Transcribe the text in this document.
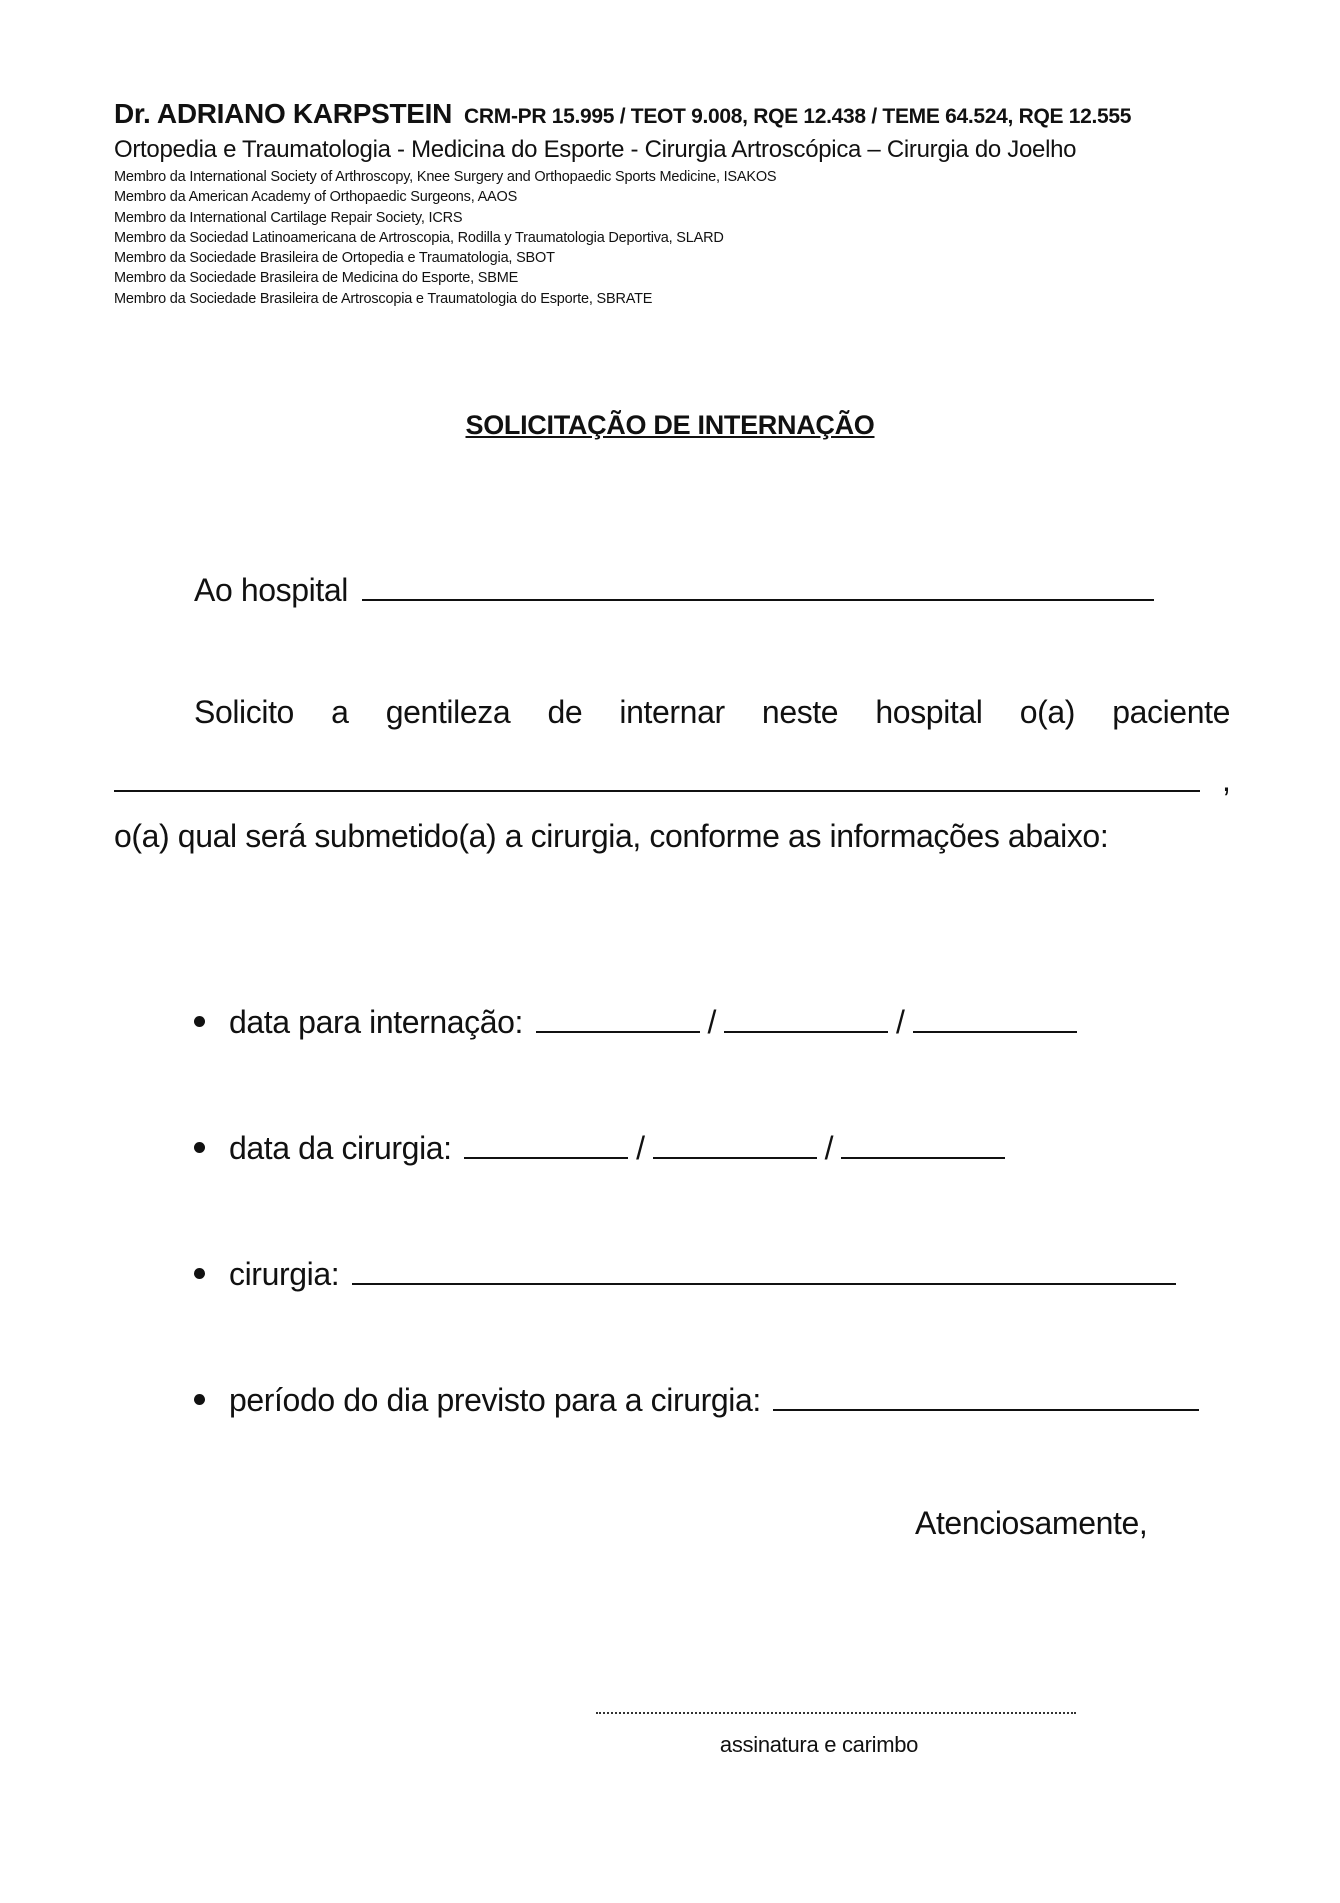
Dr. ADRIANO KARPSTEIN CRM-PR 15.995 / TEOT 9.008, RQE 12.438 / TEME 64.524, RQE 12.555
Ortopedia e Traumatologia - Medicina do Esporte - Cirurgia Artroscópica – Cirurgia do Joelho
Membro da International Society of Arthroscopy, Knee Surgery and Orthopaedic Sports Medicine, ISAKOS
Membro da American Academy of Orthopaedic Surgeons, AAOS
Membro da International Cartilage Repair Society, ICRS
Membro da Sociedad Latinoamericana de Artroscopia, Rodilla y Traumatologia Deportiva, SLARD
Membro da Sociedade Brasileira de Ortopedia e Traumatologia, SBOT
Membro da Sociedade Brasileira de Medicina do Esporte, SBME
Membro da Sociedade Brasileira de Artroscopia e Traumatologia do Esporte, SBRATE
SOLICITAÇÃO DE INTERNAÇÃO
Ao hospital
Solicito a gentileza de internar neste hospital o(a) paciente
,
o(a) qual será submetido(a) a cirurgia, conforme as informações abaixo:
data para internação:	/	/
data da cirurgia:	/	/
cirurgia:
período do dia previsto para a cirurgia:
Atenciosamente,
assinatura e carimbo
